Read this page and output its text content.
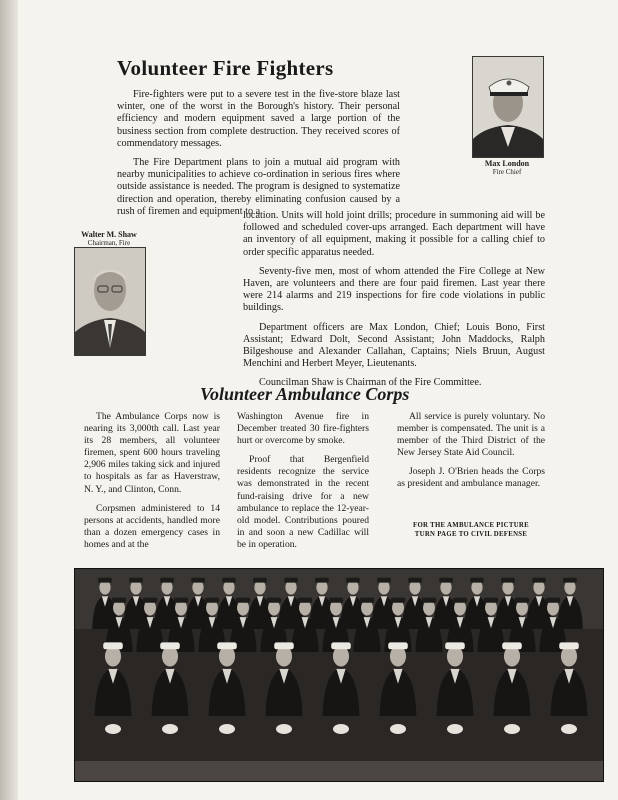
Volunteer Fire Fighters
Max London
Fire Chief

Fire-fighters were put to a severe test in the five-store blaze last winter, one of the worst in the Borough's history. Their personal efficiency and modern equipment saved a large portion of the business section from complete destruction. They received scores of commendatory messages.

The Fire Department plans to join a mutual aid program with nearby municipalities to achieve co-ordination in serious fires where outside assistance is needed. The program is designed to systematize direction and operation, thereby eliminating confusion caused by a rush of firemen and equipment to a

Walter M. Shaw
Chairman, Fire

location. Units will hold joint drills; procedure in summoning aid will be followed and scheduled cover-ups arranged. Each department will have an inventory of all equipment, making it possible for a calling chief to order specific apparatus needed.

Seventy-five men, most of whom attended the Fire College at New Haven, are volunteers and there are four paid firemen. Last year there were 214 alarms and 219 inspections for fire code violations in public buildings.

Department officers are Max London, Chief; Louis Bono, First Assistant; Edward Dolt, Second Assistant; John Maddocks, Ralph Bilgeshouse and Alexander Callahan, Captains; Niels Bruun, August Menchini and Herbert Meyer, Lieutenants.

Councilman Shaw is Chairman of the Fire Committee.

Volunteer Ambulance Corps

The Ambulance Corps now is nearing its 3,000th call. Last year its 28 members, all volunteer firemen, spent 600 hours traveling 2,906 miles taking sick and injured to hospitals as far as Haverstraw, N. Y., and Clinton, Conn.

Corpsmen administered to 14 persons at accidents, handled more than a dozen emergency cases in homes and at the

Washington Avenue fire in December treated 30 fire-fighters hurt or overcome by smoke.

Proof that Bergenfield residents recognize the service was demonstrated in the recent fund-raising drive for a new ambulance to replace the 12-year-old model. Contributions poured in and soon a new Cadillac will be in operation.

All service is purely voluntary. No member is compensated. The unit is a member of the Third District of the New Jersey State Aid Council.

Joseph J. O'Brien heads the Corps as president and ambulance manager.

FOR THE AMBULANCE PICTURE
TURN PAGE TO CIVIL DEFENSE
